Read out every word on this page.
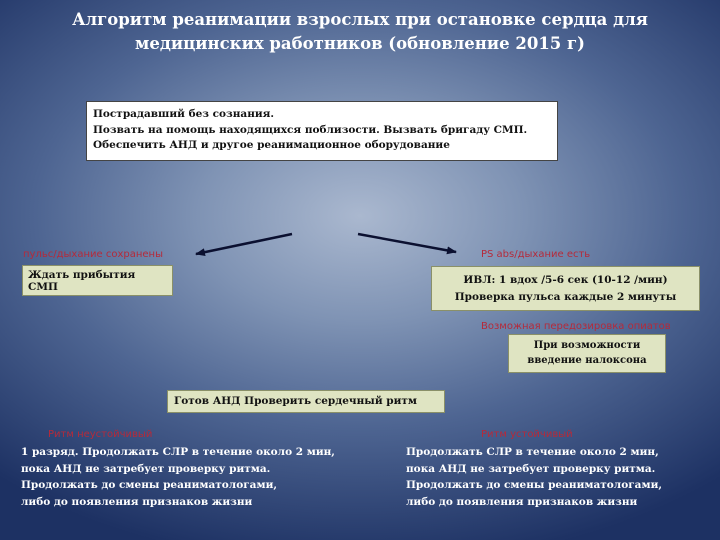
Алгоритм реанимации взрослых при остановке сердца для
медицинских работников (обновление 2015 г)
Пострадавший без сознания.
Позвать на помощь находящихся поблизости. Вызвать бригаду СМП.
Обеспечить АНД и другое реанимационное оборудование
пульс/дыхание сохранены
Ждать прибытия СМП
PS abs/дыхание есть
ИВЛ: 1 вдох /5-6 сек (10-12 /мин)
Проверка пульса каждые 2 минуты
Возможная передозировка опиатов
При возможности
введение налоксона
Готов АНД Проверить сердечный ритм
Ритм неустойчивый
1 разряд. Продолжать СЛР в течение около 2 мин,
пока АНД не затребует проверку ритма.
Продолжать до смены реаниматологами,
либо до появления признаков жизни
Ритм устойчивый
Продолжать СЛР в течение около 2 мин,
пока АНД не затребует проверку ритма.
Продолжать до смены реаниматологами,
либо до появления признаков жизни
